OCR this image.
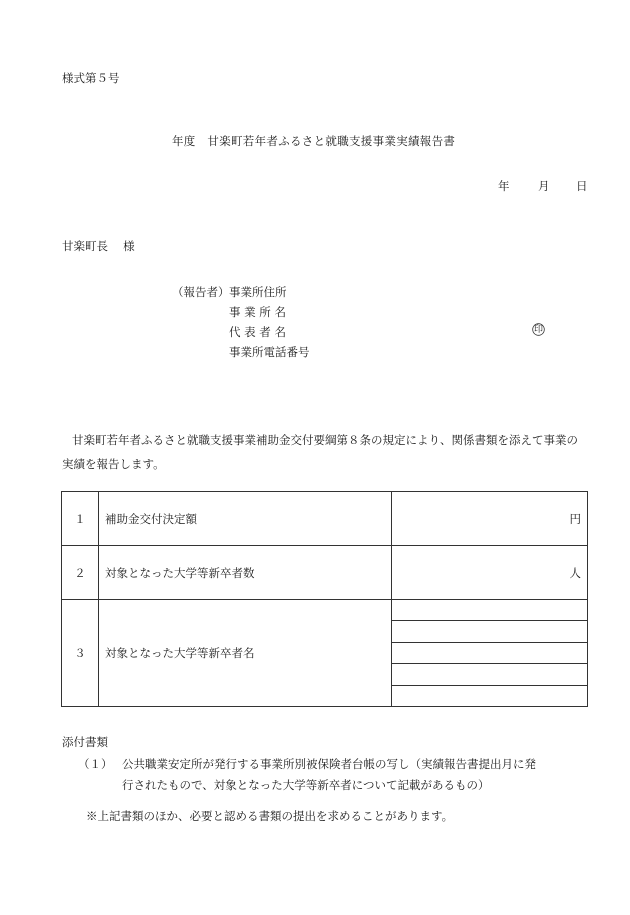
様式第５号
年度　甘楽町若年者ふるさと就職支援事業実績報告書
年 月 日
甘楽町長　 様
（報告者） 事業所住所
事 業 所 名
代 表 者 名
事業所電話番号
印
甘楽町若年者ふるさと就職支援事業補助金交付要綱第８条の規定により、関係書類を添えて事業の実績を報告します。
１	補助金交付決定額	円
２	対象となった大学等新卒者数	人
３	対象となった大学等新卒者名	

添付書類
（１） 公共職業安定所が発行する事業所別被保険者台帳の写し（実績報告書提出月に発
行されたもので、対象となった大学等新卒者について記載があるもの）
※上記書類のほか、必要と認める書類の提出を求めることがあります。
